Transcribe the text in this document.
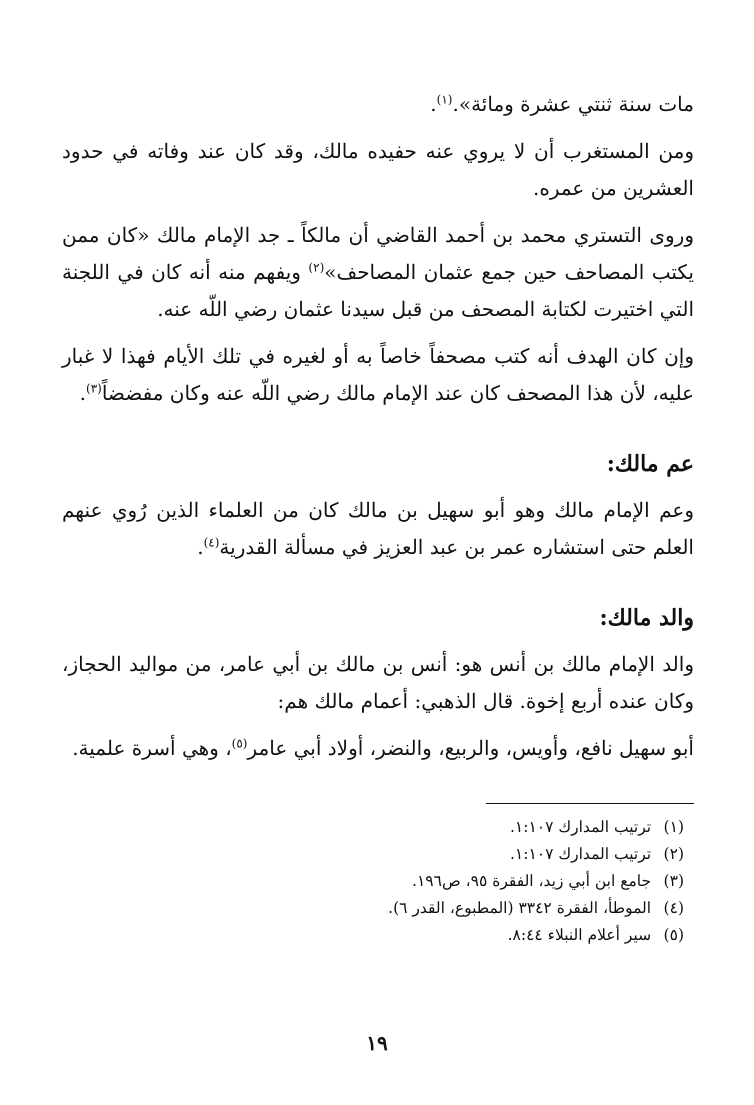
مات سنة ثنتي عشرة ومائة».$^{(١)}$.

ومن المستغرب أن لا يروي عنه حفيده مالك، وقد كان عند وفاته في حدود العشرين من عمره.

وروى التستري محمد بن أحمد القاضي أن مالكاً ـ جد الإمام مالك «كان ممن يكتب المصاحف حين جمع عثمان المصاحف»$^{(٢)}$ ويفهم منه أنه كان في اللجنة التي اختيرت لكتابة المصحف من قبل سيدنا عثمان رضي اللّه عنه.

وإن كان الهدف أنه كتب مصحفاً خاصاً به أو لغيره في تلك الأيام فهذا لا غبار عليه، لأن هذا المصحف كان عند الإمام مالك رضي اللّه عنه وكان مفضضاً$^{(٣)}$.

عم مالك:

وعم الإمام مالك وهو أبو سهيل بن مالك كان من العلماء الذين رُوي عنهم العلم حتى استشاره عمر بن عبد العزيز في مسألة القدرية$^{(٤)}$.

والد مالك:

والد الإمام مالك بن أنس هو: أنس بن مالك بن أبي عامر، من مواليد الحجاز، وكان عنده أربع إخوة. قال الذهبي: أعمام مالك هم:

أبو سهيل نافع، وأويس، والربيع، والنضر، أولاد أبي عامر$^{(٥)}$، وهي أسرة علمية.

(١) ترتيب المدارك ١:١٠٧.
(٢) ترتيب المدارك ١:١٠٧.
(٣) جامع ابن أبي زيد، الفقرة ٩٥، ص١٩٦.
(٤) الموطأ، الفقرة ٣٣٤٢ (المطبوع، القدر ٦).
(٥) سير أعلام النبلاء ٨:٤٤.
١٩
